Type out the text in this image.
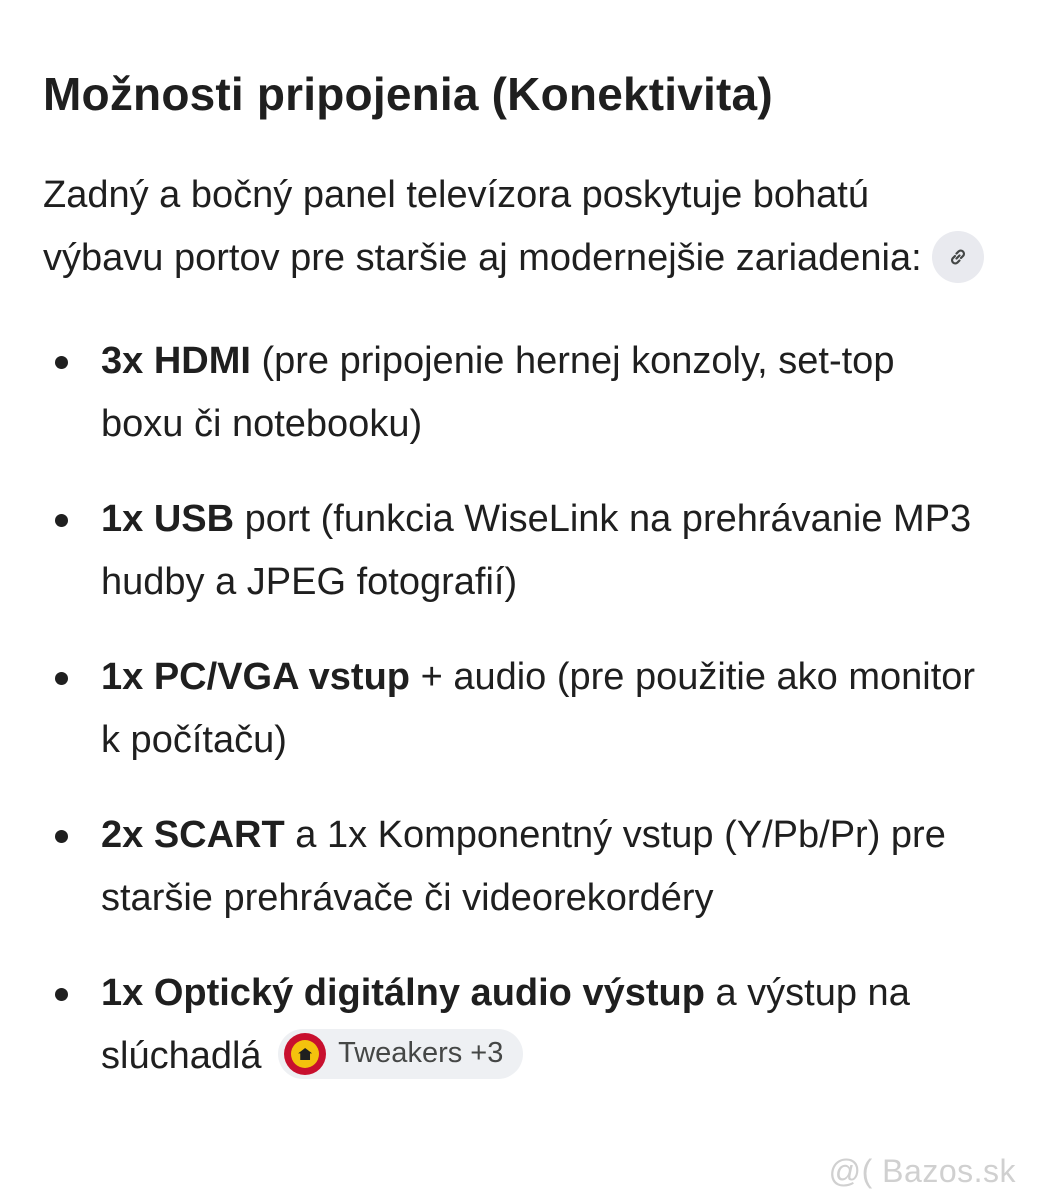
Možnosti pripojenia (Konektivita)

Zadný a bočný panel televízora poskytuje bohatú výbavu portov pre staršie aj modernejšie zariadenia:

3x HDMI (pre pripojenie hernej konzoly, set-top boxu či notebooku)
1x USB port (funkcia WiseLink na prehrávanie MP3 hudby a JPEG fotografií)
1x PC/VGA vstup + audio (pre použitie ako monitor k počítaču)
2x SCART a 1x Komponentný vstup (Y/Pb/Pr) pre staršie prehrávače či videorekordéry
1x Optický digitálny audio výstup a výstup na slúchadlá	Tweakers +3
@( Bazos.sk
